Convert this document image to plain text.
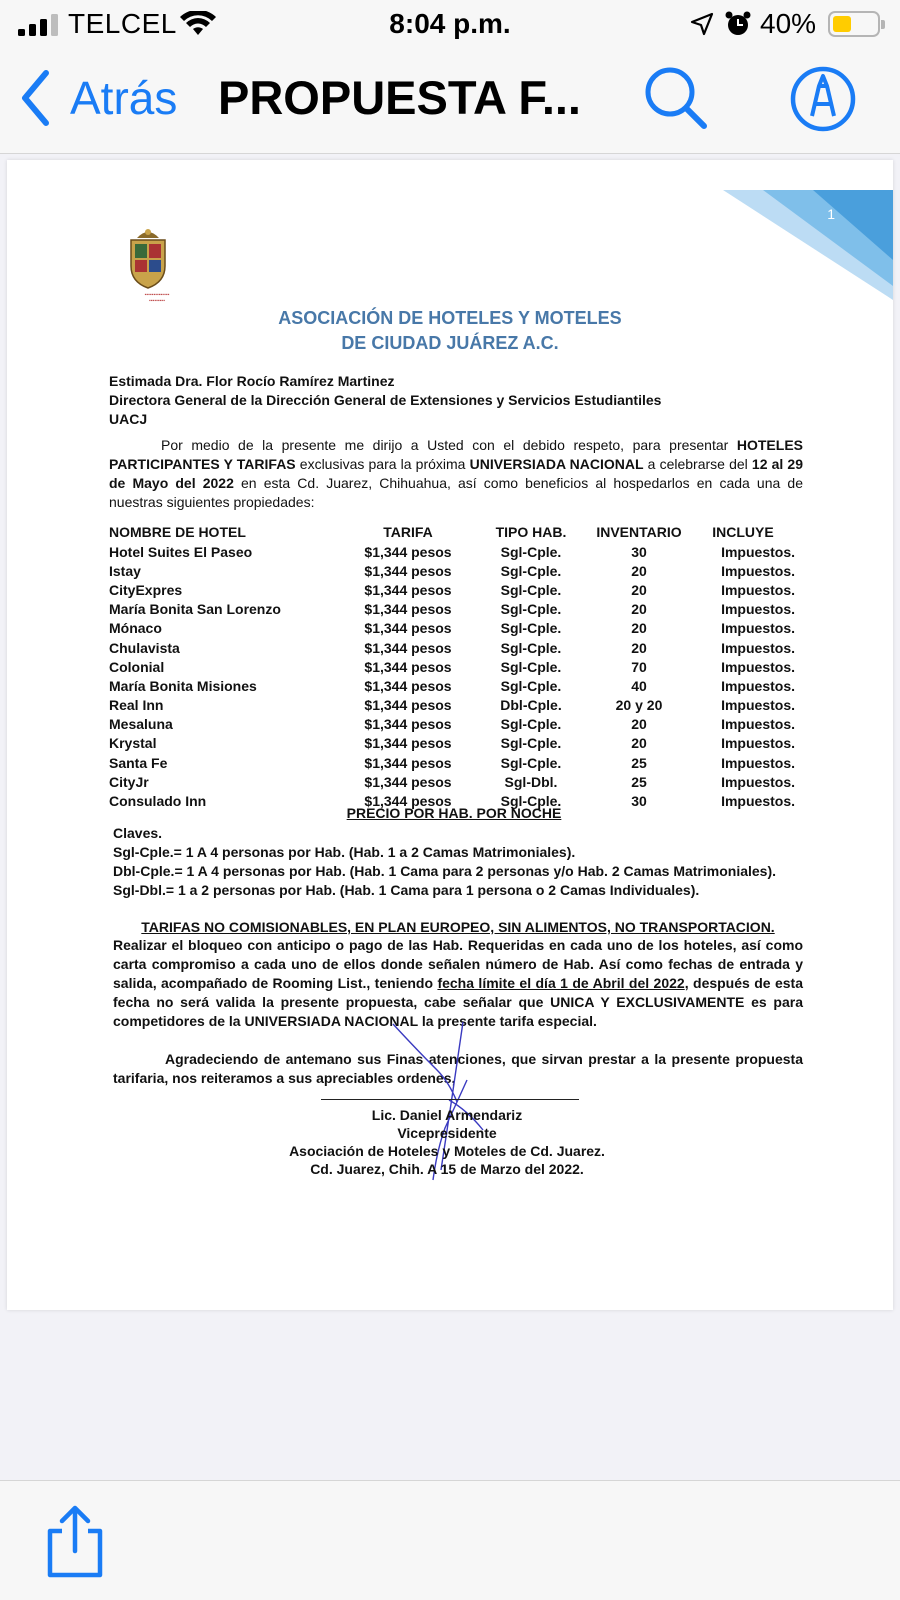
TELCEL	8:04 p.m.	40%
Atrás PROPUESTA F...
1
▪▪▪▪▪▪▪▪▪▪▪▪▪▪
▪▪▪▪▪▪▪▪▪
ASOCIACIÓN DE HOTELES Y MOTELES
DE CIUDAD JUÁREZ A.C.
Estimada Dra. Flor Rocío Ramírez Martinez
Directora General de la Dirección General de Extensiones y Servicios Estudiantiles
UACJ
Por medio de la presente me dirijo a Usted con el debido respeto, para presentar HOTELES PARTICIPANTES Y TARIFAS exclusivas para la próxima UNIVERSIADA NACIONAL a celebrarse del 12 al 29 de Mayo del 2022 en esta Cd. Juarez, Chihuahua, así como beneficios al hospedarlos en cada una de nuestras siguientes propiedades:
NOMBRE DE HOTEL	TARIFA	TIPO HAB.	INVENTARIO	INCLUYE
Hotel Suites El Paseo	$1,344 pesos	Sgl-Cple.	30	Impuestos.
Istay	$1,344 pesos	Sgl-Cple.	20	Impuestos.
CityExpres	$1,344 pesos	Sgl-Cple.	20	Impuestos.
María Bonita San Lorenzo	$1,344 pesos	Sgl-Cple.	20	Impuestos.
Mónaco	$1,344 pesos	Sgl-Cple.	20	Impuestos.
Chulavista	$1,344 pesos	Sgl-Cple.	20	Impuestos.
Colonial	$1,344 pesos	Sgl-Cple.	70	Impuestos.
María Bonita Misiones	$1,344 pesos	Sgl-Cple.	40	Impuestos.
Real Inn	$1,344 pesos	Dbl-Cple.	20 y 20	Impuestos.
Mesaluna	$1,344 pesos	Sgl-Cple.	20	Impuestos.
Krystal	$1,344 pesos	Sgl-Cple.	20	Impuestos.
Santa Fe	$1,344 pesos	Sgl-Cple.	25	Impuestos.
CityJr	$1,344 pesos	Sgl-Dbl.	25	Impuestos.
Consulado Inn	$1,344 pesos	Sgl-Cple.	30	Impuestos.
PRECIO POR HAB. POR NOCHE
Claves.
Sgl-Cple.= 1 A 4 personas por Hab. (Hab. 1 a 2 Camas Matrimoniales).
Dbl-Cple.= 1 A 4 personas por Hab. (Hab. 1 Cama para 2 personas y/o Hab. 2 Camas Matrimoniales).
Sgl-Dbl.= 1 a 2 personas por Hab. (Hab. 1 Cama para 1 persona o 2 Camas Individuales).
TARIFAS NO COMISIONABLES, EN PLAN EUROPEO, SIN ALIMENTOS, NO TRANSPORTACION.
Realizar el bloqueo con anticipo o pago de las Hab. Requeridas en cada uno de los hoteles, así como carta compromiso a cada uno de ellos donde señalen número de Hab. Así como fechas de entrada y salida, acompañado de Rooming List., teniendo fecha límite el día 1 de Abril del 2022, después de esta fecha no será valida la presente propuesta, cabe señalar que UNICA Y EXCLUSIVAMENTE es para competidores de la UNIVERSIADA NACIONAL la presente tarifa especial.
Agradeciendo de antemano sus Finas atenciones, que sirvan prestar a la presente propuesta tarifaria, nos reiteramos a sus apreciables ordenes,
Lic. Daniel Armendariz
Vicepresidente
Asociación de Hoteles y Moteles de Cd. Juarez.
Cd. Juarez, Chih. A 15 de Marzo del 2022.
